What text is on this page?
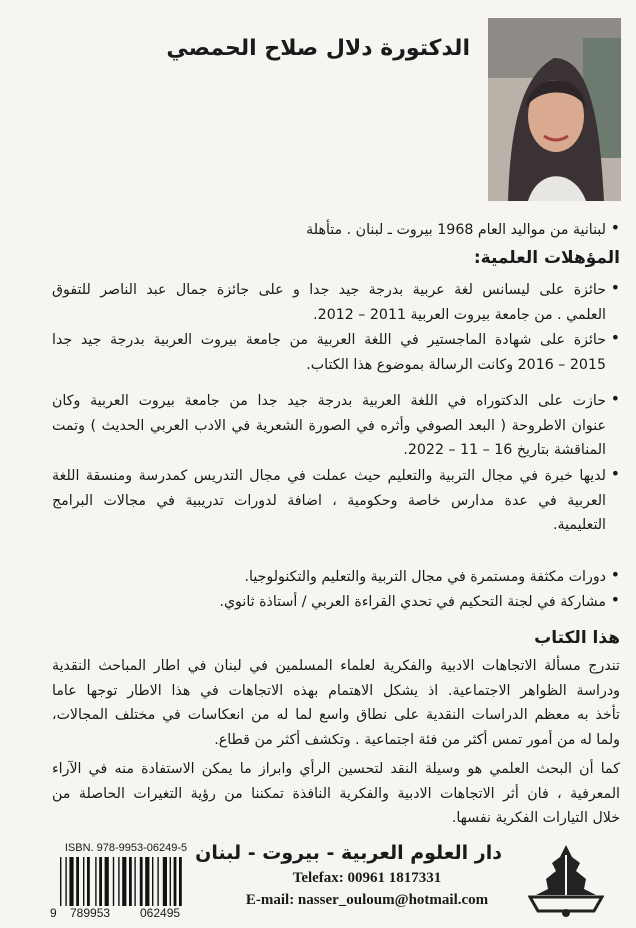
الدكتورة دلال صلاح الحمصي
• لبنانية من مواليد العام 1968 بيروت ـ لبنان . متأهلة
المؤهلات العلمية:
• حائزة على ليسانس لغة عربية بدرجة جيد جدا و على جائزة جمال عبد الناصر للتفوق
العلمي . من جامعة بيروت العربية 2011 – 2012.
• حائزة على شهادة الماجستير في اللغة العربية من جامعة بيروت العربية بدرجة جيد جدا
2015 – 2016 وكانت الرسالة بموضوع هذا الكتاب.
• حازت على الدكتوراه في اللغة العربية بدرجة جيد جدا من جامعة بيروت العربية وكان
عنوان الاطروحة ( البعد الصوفي وأثره في الصورة الشعرية في الادب العربي الحديث ) وتمت
المناقشة بتاريخ 16 – 11 – 2022.
• لديها خبرة في مجال التربية والتعليم حيث عملت في مجال التدريس كمدرسة ومنسقة اللغة
العربية في عدة مدارس خاصة وحكومية ، اضافة لدورات تدريبية في مجالات البرامج
التعليمية.
• دورات مكثفة ومستمرة في مجال التربية والتعليم والتكنولوجيا.
• مشاركة في لجنة التحكيم في تحدي القراءة العربي / أستاذة ثانوي.
هذا الكتاب
تندرج مسألة الاتجاهات الادبية والفكرية لعلماء المسلمين في لبنان في اطار المباحث النقدية
ودراسة الظواهر الاجتماعية. اذ يشكل الاهتمام بهذه الاتجاهات في هذا الاطار توجها عاما
تأخذ به معظم الدراسات النقدية على نطاق واسع لما له من انعكاسات في مختلف المجالات،
ولما له من أمور تمس أكثر من فئة اجتماعية . وتكشف أكثر من قطاع.
كما أن البحث العلمي هو وسيلة النقد لتحسين الرأي وابراز ما يمكن الاستفادة منه في الآراء
المعرفية ، فان أثر الاتجاهات الادبية والفكرية النافذة تمكننا من رؤية التغيرات الحاصلة من
خلال التيارات الفكرية نفسها.
دار العلوم العربية - بيروت - لبنان
Telefax: 00961 1817331
E-mail: nasser_ouloum@hotmail.com
ISBN. 978-9953-06249-5
9 789953 062495
